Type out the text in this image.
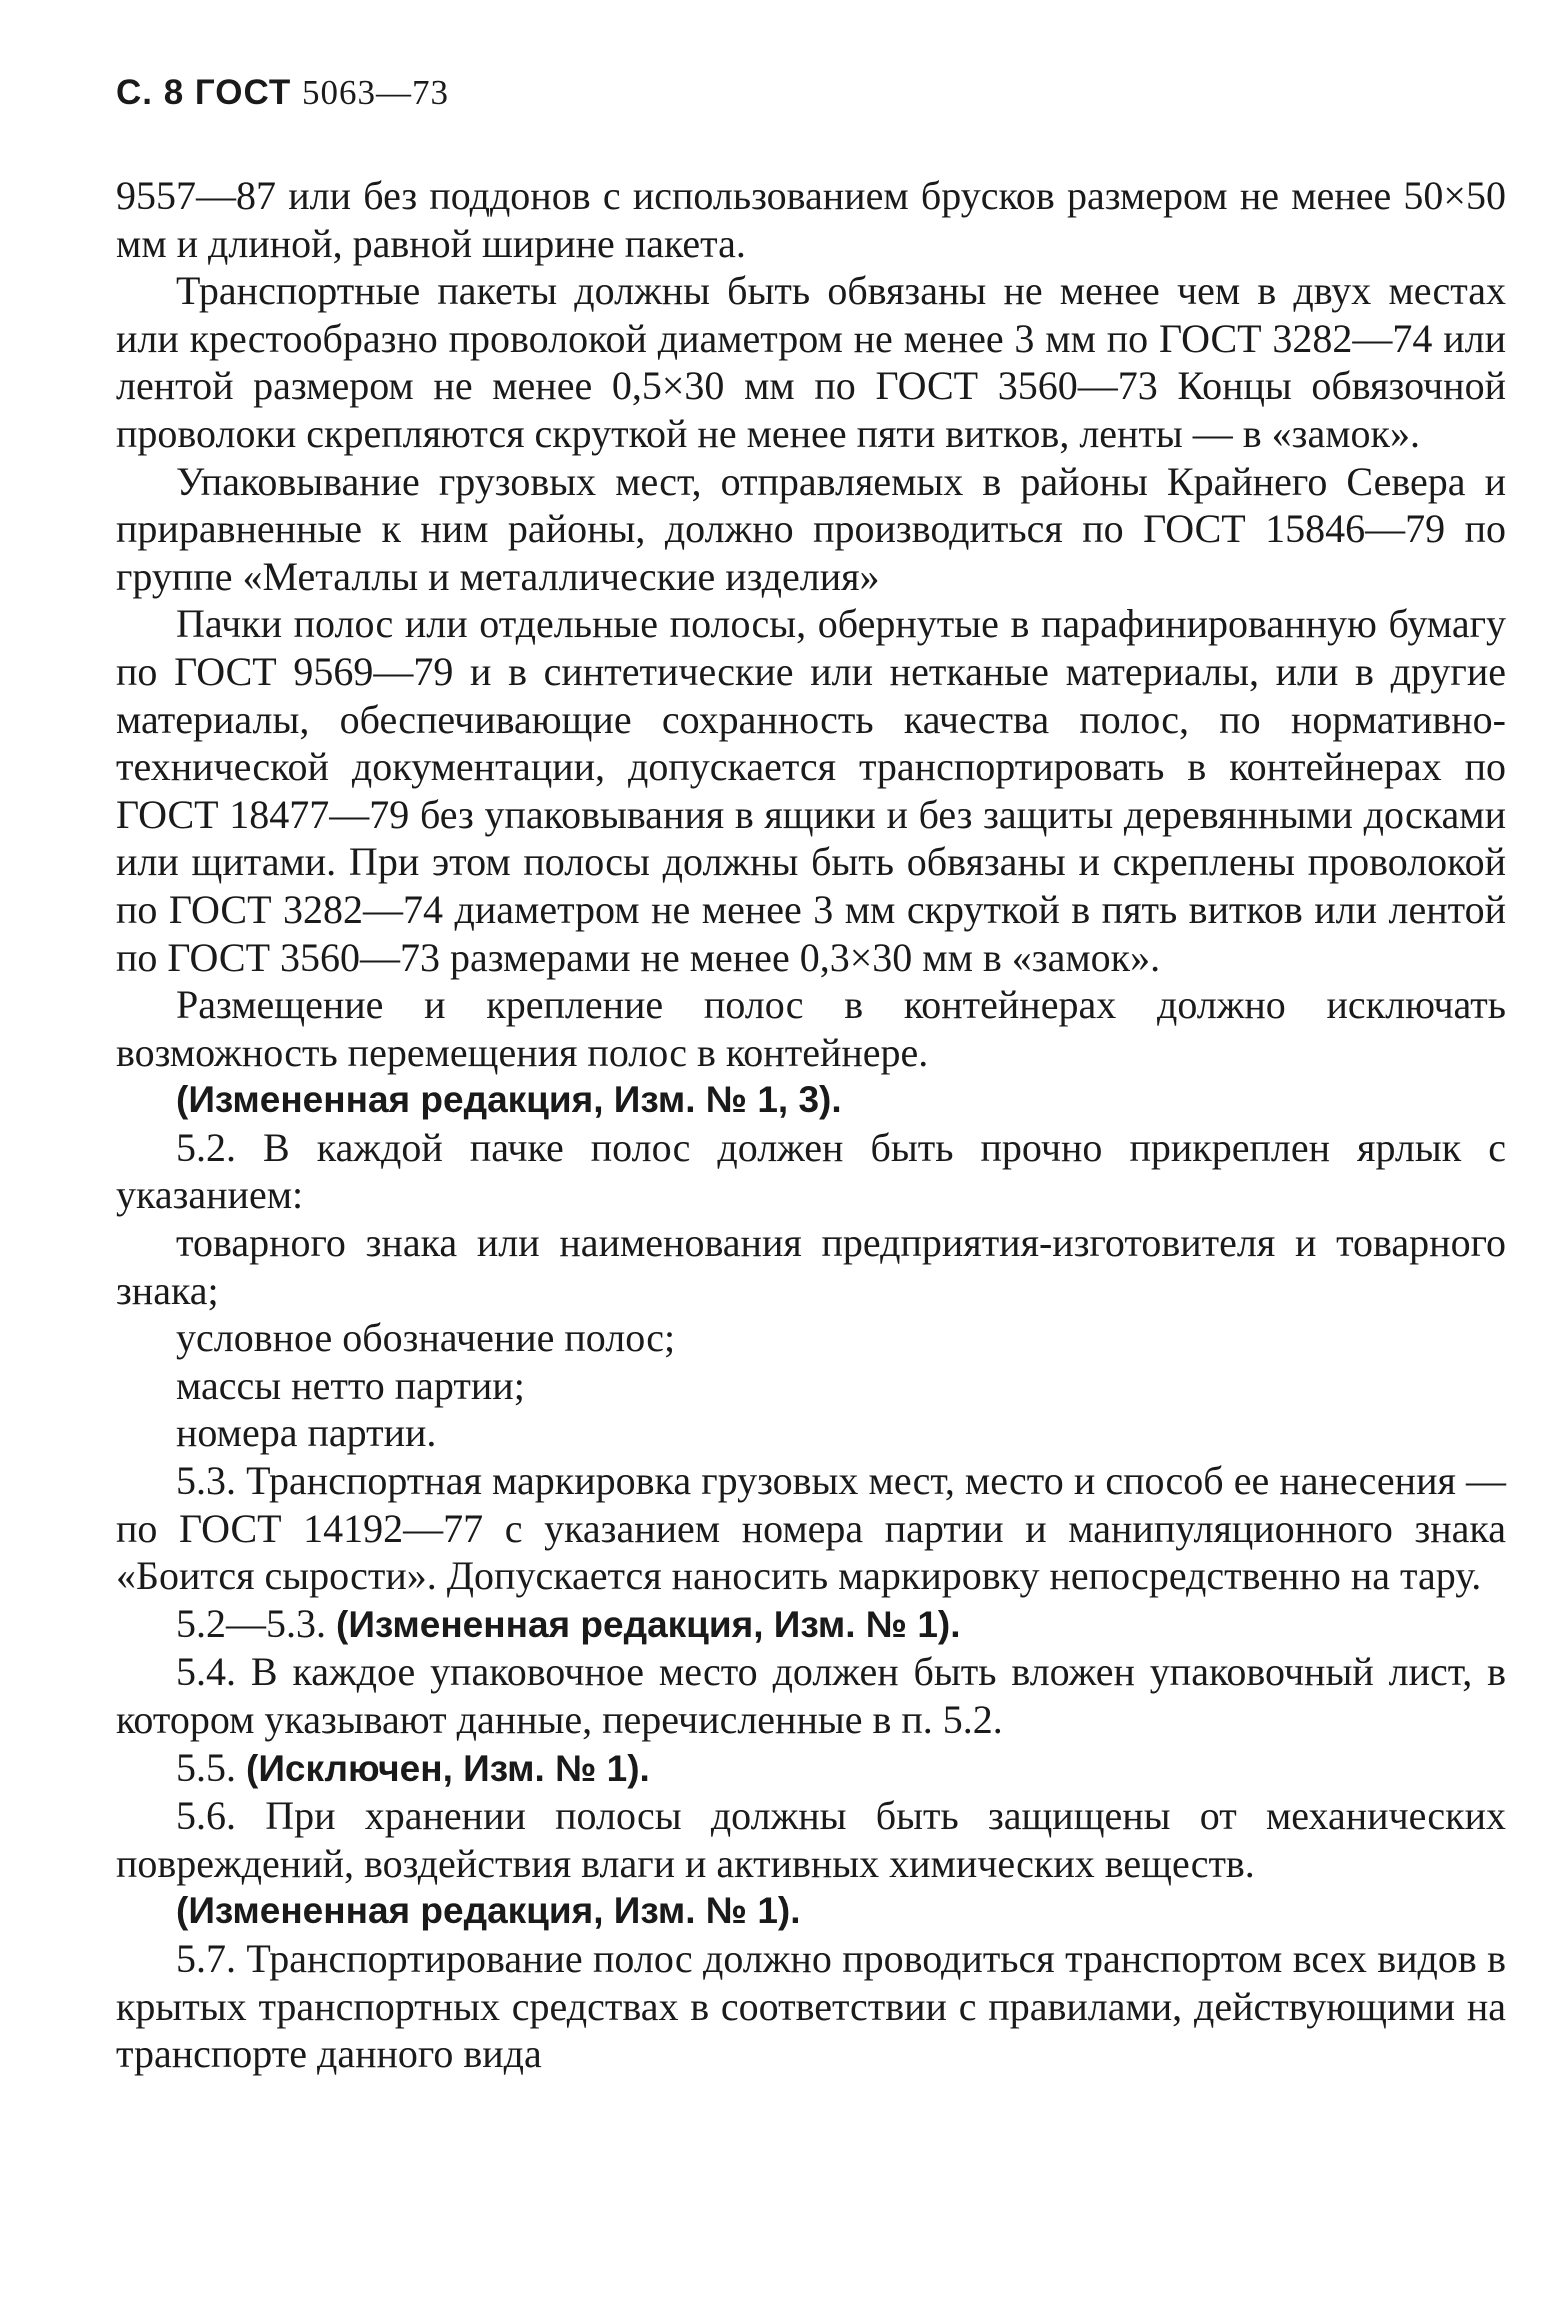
С. 8 ГОСТ 5063—73

9557—87 или без поддонов с использованием брусков размером не менее 50×50 мм и длиной, равной ширине пакета.

Транспортные пакеты должны быть обвязаны не менее чем в двух местах или крестообразно проволокой диаметром не менее 3 мм по ГОСТ 3282—74 или лентой размером не менее 0,5×30 мм по ГОСТ 3560—73 Концы обвязочной проволоки скрепляются скруткой не менее пяти витков, ленты — в «замок».

Упаковывание грузовых мест, отправляемых в районы Крайнего Севера и приравненные к ним районы, должно производиться по ГОСТ 15846—79 по группе «Металлы и металлические изделия»

Пачки полос или отдельные полосы, обернутые в парафинированную бумагу по ГОСТ 9569—79 и в синтетические или нетканые материалы, или в другие материалы, обеспечивающие сохранность качества полос, по нормативно-технической документации, допускается транспортировать в контейнерах по ГОСТ 18477—79 без упаковывания в ящики и без защиты деревянными досками или щитами. При этом полосы должны быть обвязаны и скреплены проволокой по ГОСТ 3282—74 диаметром не менее 3 мм скруткой в пять витков или лентой по ГОСТ 3560—73 размерами не менее 0,3×30 мм в «замок».

Размещение и крепление полос в контейнерах должно исключать возможность перемещения полос в контейнере.

(Измененная редакция, Изм. № 1, 3).

5.2. В каждой пачке полос должен быть прочно прикреплен ярлык с указанием:

товарного знака или наименования предприятия-изготовителя и товарного знака;

условное обозначение полос;

массы нетто партии;

номера партии.

5.3. Транспортная маркировка грузовых мест, место и способ ее нанесения — по ГОСТ 14192—77 с указанием номера партии и манипуляционного знака «Боится сырости». Допускается наносить маркировку непосредственно на тару.

5.2—5.3. (Измененная редакция, Изм. № 1).

5.4. В каждое упаковочное место должен быть вложен упаковочный лист, в котором указывают данные, перечисленные в п. 5.2.

5.5. (Исключен, Изм. № 1).

5.6. При хранении полосы должны быть защищены от механических повреждений, воздействия влаги и активных химических веществ.

(Измененная редакция, Изм. № 1).

5.7. Транспортирование полос должно проводиться транспортом всех видов в крытых транспортных средствах в соответствии с правилами, действующими на транспорте данного вида
